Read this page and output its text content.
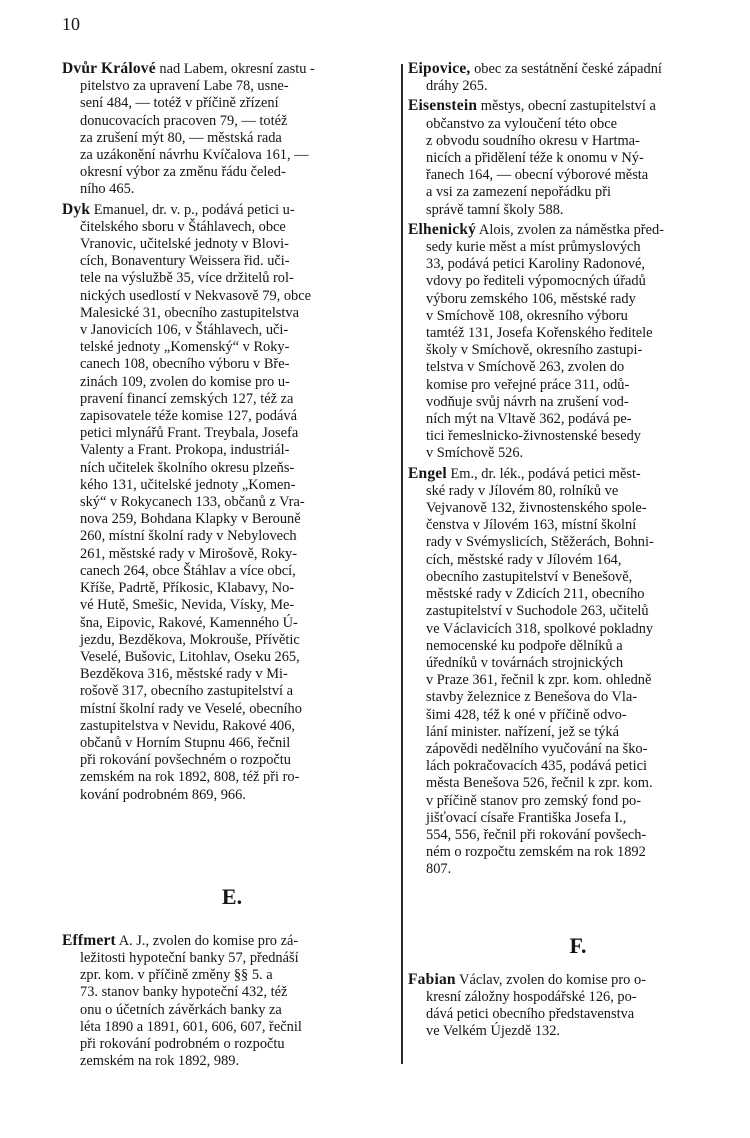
10

Dvůr Králové nad Labem, okresní zastu -
pitelstvo za upravení Labe 78, usne-
sení 484, — totéž v příčině zřízení
donucovacích pracoven 79, — totéž
za zrušení mýt 80, — městská rada
za uzákonění návrhu Kvíčalova 161, —
okresní výbor za změnu řádu čeled-
ního 465.

Dyk Emanuel, dr. v. p., podává petici u-
čitelského sboru v Štáhlavech, obce
Vranovic, učitelské jednoty v Blovi-
cích, Bonaventury Weissera řid. uči-
tele na výslužbě 35, více držitelů rol-
nických usedlostí v Nekvasově 79, obce
Malesické 31, obecního zastupitelstva
v Janovicích 106, v Štáhlavech, uči-
telské jednoty „Komenský“ v Roky-
canech 108, obecního výboru v Bře-
zinách 109, zvolen do komise pro u-
pravení financí zemských 127, též za
zapisovatele téže komise 127, podává
petici mlynářů Frant. Treybala, Josefa
Valenty a Frant. Prokopa, industriál-
ních učitelek školního okresu plzeňs-
kého 131, učitelské jednoty „Komen-
ský“ v Rokycanech 133, občanů z Vra-
nova 259, Bohdana Klapky v Berouně
260, místní školní rady v Nebylovech
261, městské rady v Mirošově, Roky-
canech 264, obce Štáhlav a více obcí,
Kříše, Padrtě, Příkosic, Klabavy, No-
vé Hutě, Smešic, Nevida, Vísky, Me-
šna, Eipovic, Rakové, Kamenného Ú-
jezdu, Bezděkova, Mokrouše, Přívětic
Veselé, Bušovic, Litohlav, Oseku 265,
Bezděkova 316, městské rady v Mi-
rošově 317, obecního zastupitelství a
místní školní rady ve Veselé, obecního
zastupitelstva v Nevidu, Rakové 406,
občanů v Horním Stupnu 466, řečnil
při rokování povšechném o rozpočtu
zemském na rok 1892, 808, též při ro-
kování podrobném 869, 966.

E.

Effmert A. J., zvolen do komise pro zá-
ležitosti hypoteční banky 57, přednáší
zpr. kom. v příčině změny §§ 5. a
73. stanov banky hypoteční 432, též
onu o účetních závěrkách banky za
léta 1890 a 1891, 601, 606, 607, řečnil
při rokování podrobném o rozpočtu
zemském na rok 1892, 989.

Eipovice, obec za sestátnění české západní
dráhy 265.

Eisenstein městys, obecní zastupitelství a
občanstvo za vyloučení této obce
z obvodu soudního okresu v Hartma-
nicích a přidělení téže k onomu v Ný-
řanech 164, — obecní výborové města
a vsi za zamezení nepořádku při
správě tamní školy 588.

Elhenický Alois, zvolen za náměstka před-
sedy kurie měst a míst průmyslových
33, podává petici Karoliny Radonové,
vdovy po řediteli výpomocných úřadů
výboru zemského 106, městské rady
v Smíchově 108, okresního výboru
tamtéž 131, Josefa Kořenského ředitele
školy v Smíchově, okresního zastupi-
telstva v Smíchově 263, zvolen do
komise pro veřejné práce 311, odů-
vodňuje svůj návrh na zrušení vod-
ních mýt na Vltavě 362, podává pe-
tici řemeslnicko-živnostenské besedy
v Smíchově 526.

Engel Em., dr. lék., podává petici měst-
ské rady v Jílovém 80, rolníků ve
Vejvanově 132, živnostenského spole-
čenstva v Jílovém 163, místní školní
rady v Svémyslicích, Stěžerách, Bohni-
cích, městské rady v Jílovém 164,
obecního zastupitelství v Benešově,
městské rady v Zdicích 211, obecního
zastupitelství v Suchodole 263, učitelů
ve Václavicích 318, spolkové pokladny
nemocenské ku podpoře dělníků a
úředníků v továrnách strojnických
v Praze 361, řečnil k zpr. kom. ohledně
stavby železnice z Benešova do Vla-
šimi 428, též k oné v příčině odvo-
lání minister. nařízení, jež se týká
zápovědi nedělního vyučování na ško-
lách pokračovacích 435, podává petici
města Benešova 526, řečnil k zpr. kom.
v příčině stanov pro zemský fond po-
jišťovací císaře Františka Josefa I.,
554, 556, řečnil při rokování povšech-
ném o rozpočtu zemském na rok 1892
807.

F.

Fabian Václav, zvolen do komise pro o-
kresní záložny hospodářské 126, po-
dává petici obecního představenstva
ve Velkém Újezdě 132.
